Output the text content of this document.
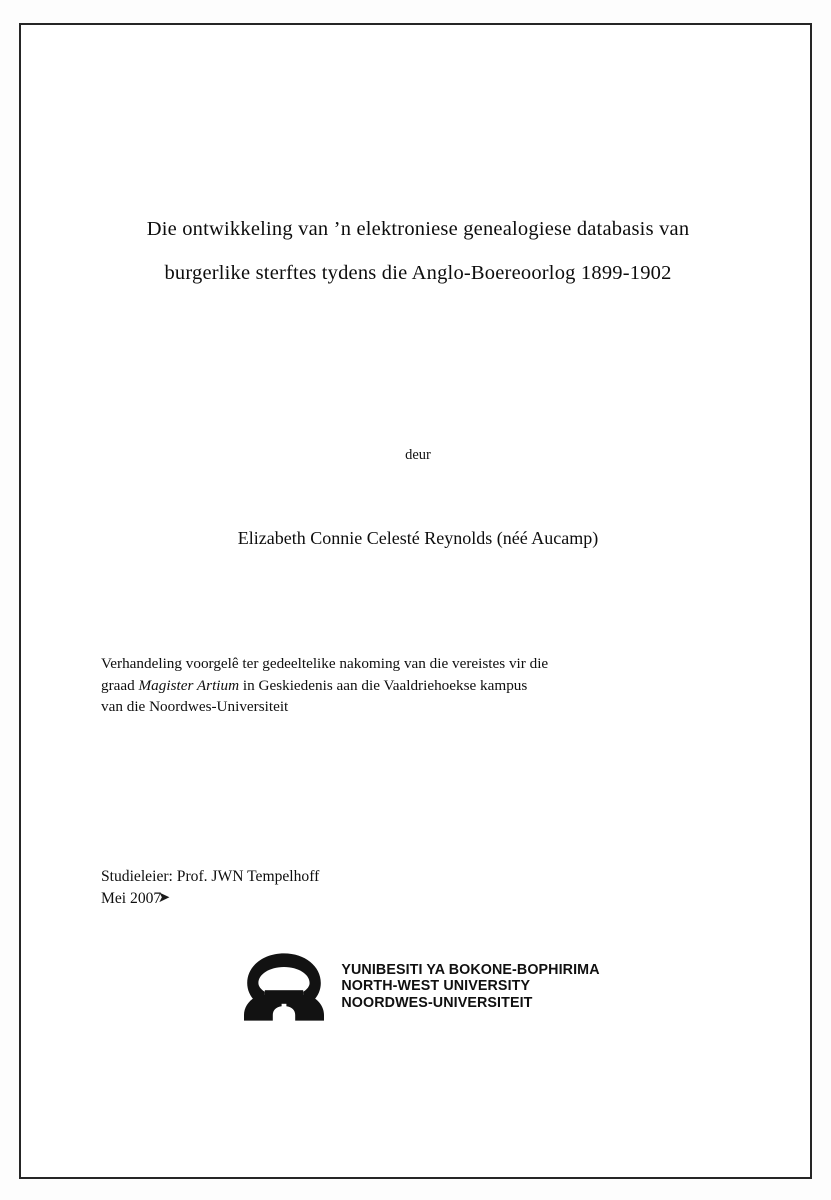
Die ontwikkeling van ’n elektroniese genealogiese databasis van
burgerlike sterftes tydens die Anglo-Boereoorlog 1899-1902
deur
Elizabeth Connie Celesté Reynolds (néé Aucamp)

Verhandeling voorgelê ter gedeeltelike nakoming van die vereistes vir die

graad Magister Artium in Geskiedenis aan die Vaaldriehoekse kampus

van die Noordwes-Universiteit

Studieleier: Prof. JWN Tempelhoff
Mei 2007
➤
YUNIBESITI YA BOKONE-BOPHIRIMA
NORTH-WEST UNIVERSITY
NOORDWES-UNIVERSITEIT
